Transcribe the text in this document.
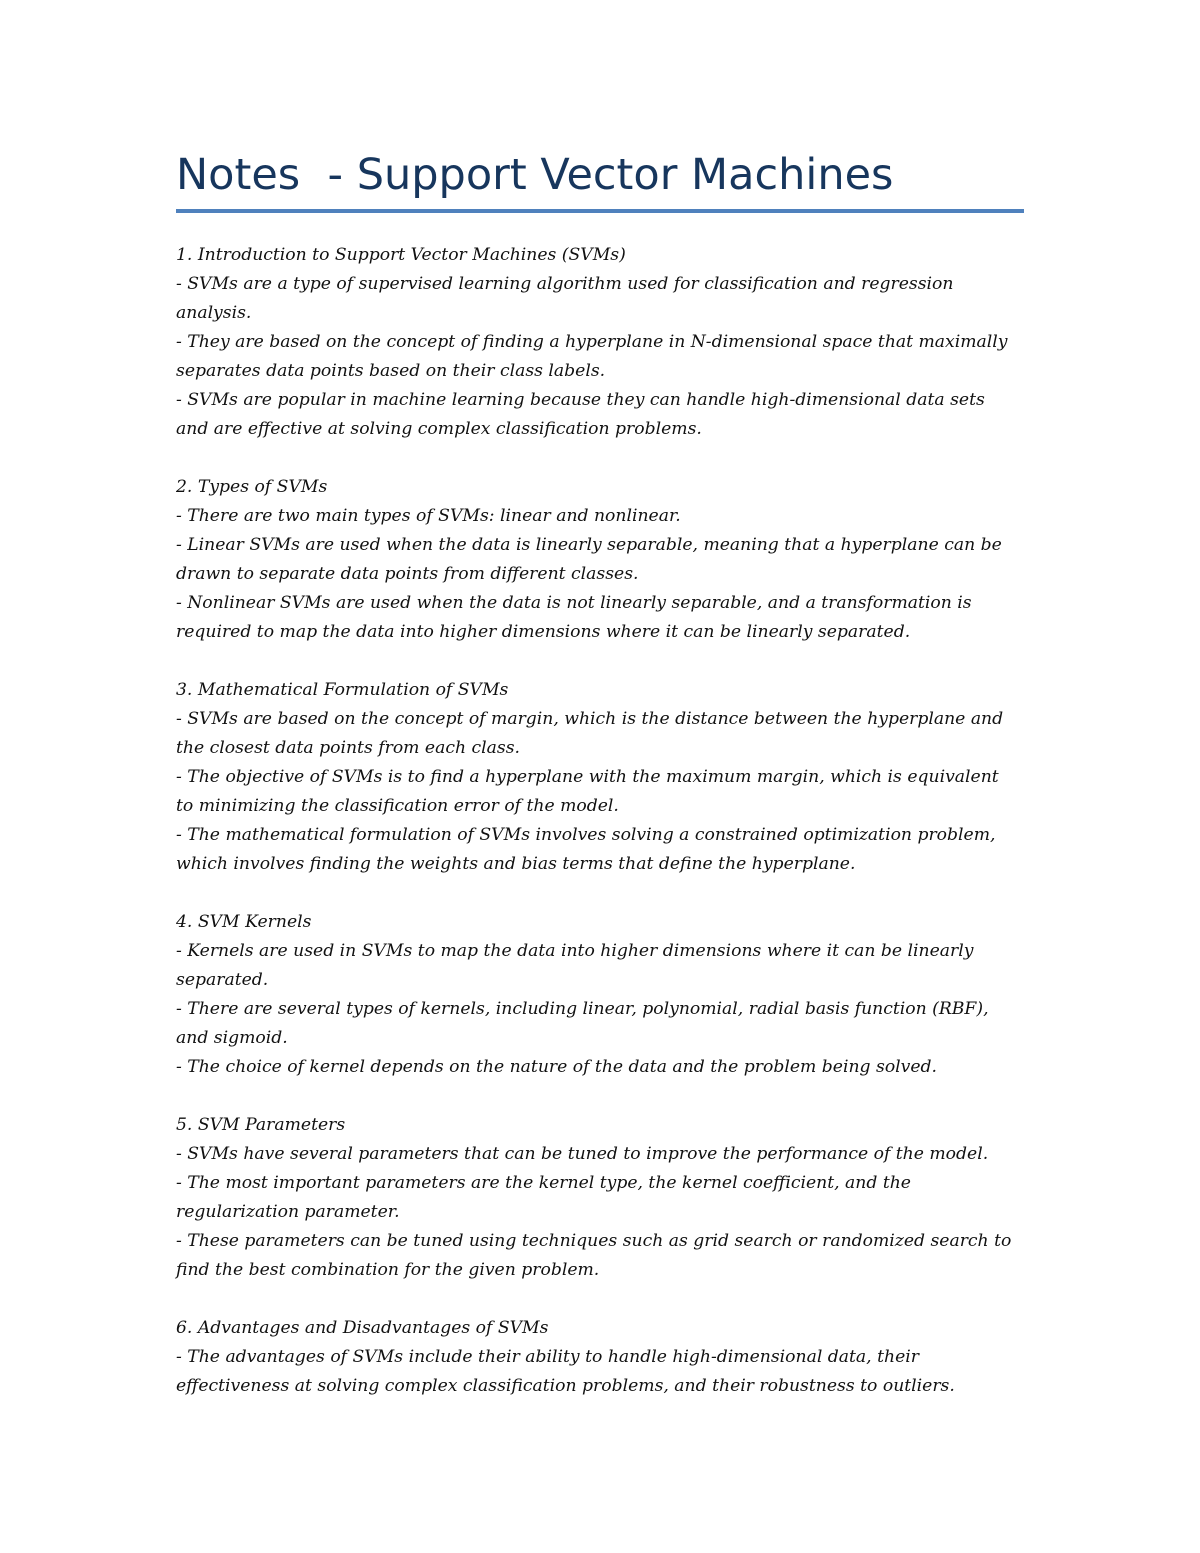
Notes  - Support Vector Machines
1. Introduction to Support Vector Machines (SVMs)
- SVMs are a type of supervised learning algorithm used for classification and regression
analysis.
- They are based on the concept of finding a hyperplane in N-dimensional space that maximally
separates data points based on their class labels.
- SVMs are popular in machine learning because they can handle high-dimensional data sets
and are effective at solving complex classification problems.
2. Types of SVMs
- There are two main types of SVMs: linear and nonlinear.
- Linear SVMs are used when the data is linearly separable, meaning that a hyperplane can be
drawn to separate data points from different classes.
- Nonlinear SVMs are used when the data is not linearly separable, and a transformation is
required to map the data into higher dimensions where it can be linearly separated.
3. Mathematical Formulation of SVMs
- SVMs are based on the concept of margin, which is the distance between the hyperplane and
the closest data points from each class.
- The objective of SVMs is to find a hyperplane with the maximum margin, which is equivalent
to minimizing the classification error of the model.
- The mathematical formulation of SVMs involves solving a constrained optimization problem,
which involves finding the weights and bias terms that define the hyperplane.
4. SVM Kernels
- Kernels are used in SVMs to map the data into higher dimensions where it can be linearly
separated.
- There are several types of kernels, including linear, polynomial, radial basis function (RBF),
and sigmoid.
- The choice of kernel depends on the nature of the data and the problem being solved.
5. SVM Parameters
- SVMs have several parameters that can be tuned to improve the performance of the model.
- The most important parameters are the kernel type, the kernel coefficient, and the
regularization parameter.
- These parameters can be tuned using techniques such as grid search or randomized search to
find the best combination for the given problem.
6. Advantages and Disadvantages of SVMs
- The advantages of SVMs include their ability to handle high-dimensional data, their
effectiveness at solving complex classification problems, and their robustness to outliers.
